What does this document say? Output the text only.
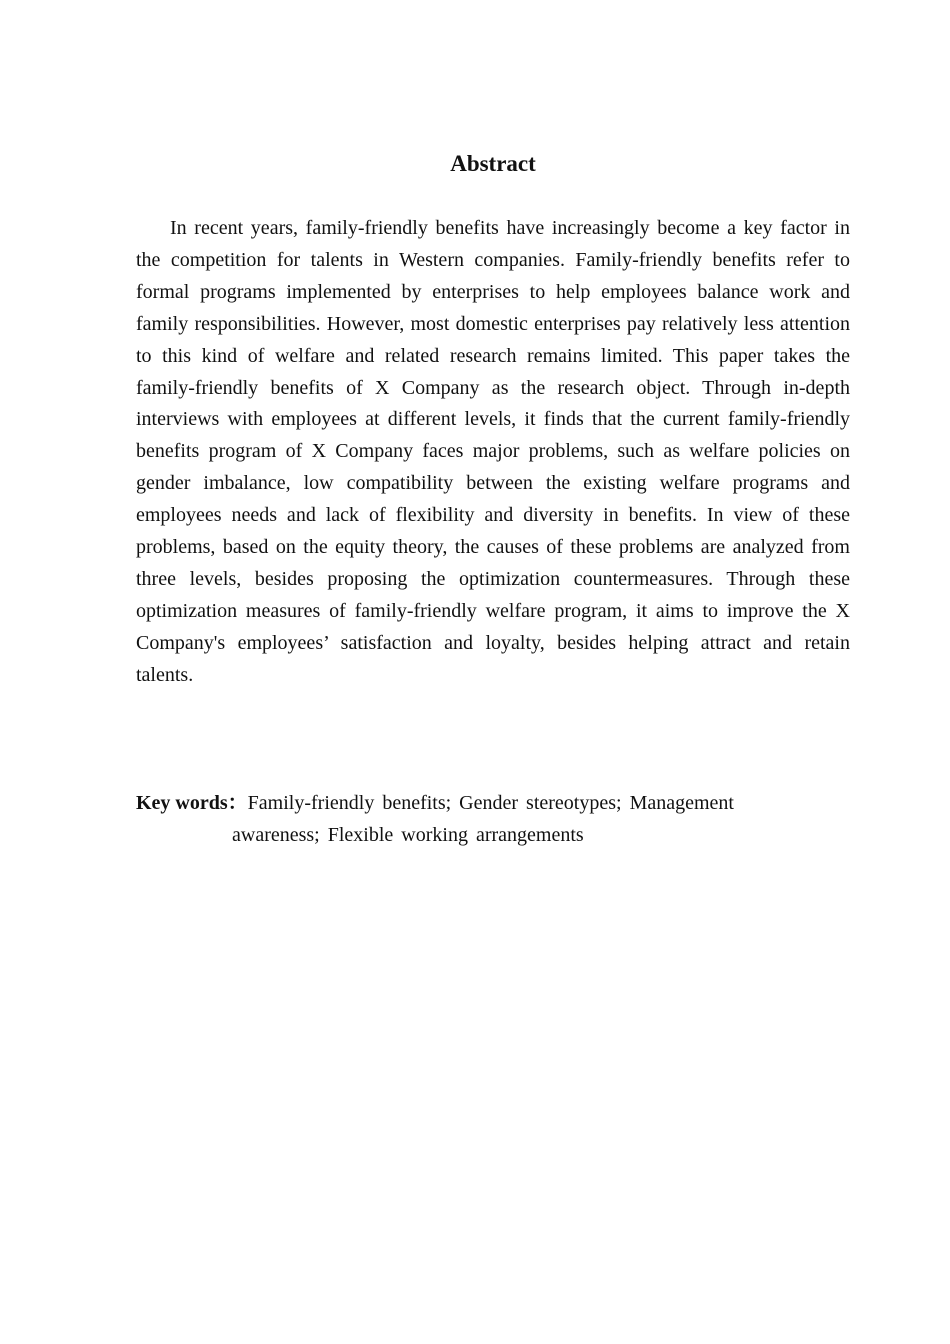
Abstract

In recent years, family-friendly benefits have increasingly become a key factor in the competition for talents in Western companies. Family-friendly benefits refer to formal programs implemented by enterprises to help employees balance work and family responsibilities. However, most domestic enterprises pay relatively less attention to this kind of welfare and related research remains limited. This paper takes the family-friendly benefits of X Company as the research object. Through in-depth interviews with employees at different levels, it finds that the current family-friendly benefits program of X Company faces major problems, such as welfare policies on gender imbalance, low compatibility between the existing welfare programs and employees needs and lack of flexibility and diversity in benefits. In view of these problems, based on the equity theory, the causes of these problems are analyzed from three levels, besides proposing the optimization countermeasures. Through these optimization measures of family-friendly welfare program, it aims to improve the X Company's employees’ satisfaction and loyalty, besides helping attract and retain talents.

Key words：Family-friendly benefits; Gender stereotypes; Management awareness; Flexible working arrangements
